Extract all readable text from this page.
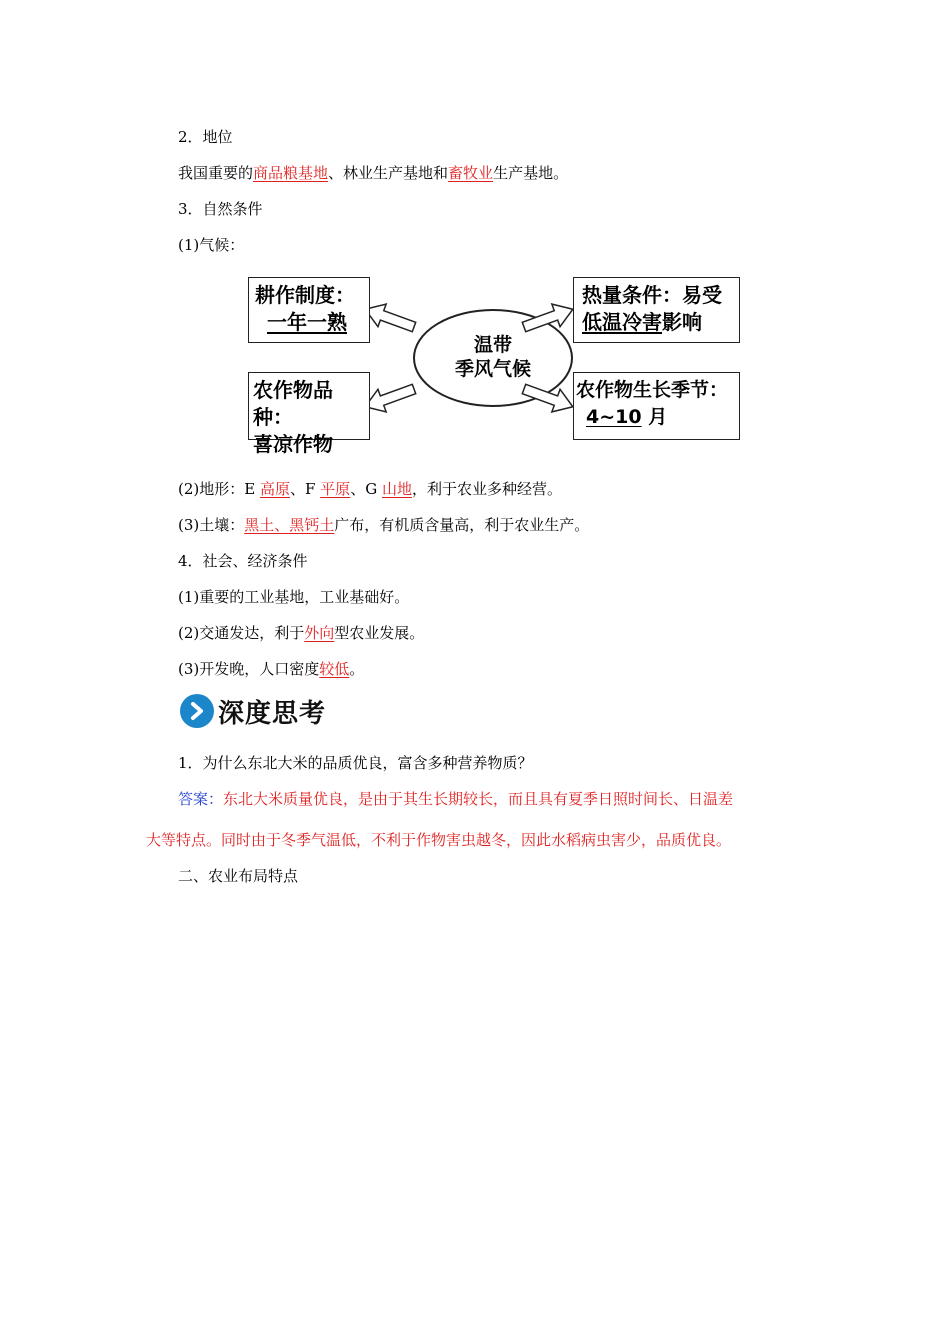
2．地位
我国重要的商品粮基地、林业生产基地和畜牧业生产基地。
3．自然条件
(1)气候：
温带
季风气候
耕作制度：
一年一熟
热量条件：易受
低温冷害影响
农作物品种：
喜凉作物
农作物生长季节：
4~10 月
(2)地形：E 高原、F 平原、G 山地，利于农业多种经营。
(3)土壤：黑土、黑钙土广布，有机质含量高，利于农业生产。
4．社会、经济条件
(1)重要的工业基地，工业基础好。
(2)交通发达，利于外向型农业发展。
(3)开发晚，人口密度较低。
深度思考
1．为什么东北大米的品质优良，富含多种营养物质？
答案：东北大米质量优良，是由于其生长期较长，而且具有夏季日照时间长、日温差
大等特点。同时由于冬季气温低，不利于作物害虫越冬，因此水稻病虫害少，品质优良。
二、农业布局特点
